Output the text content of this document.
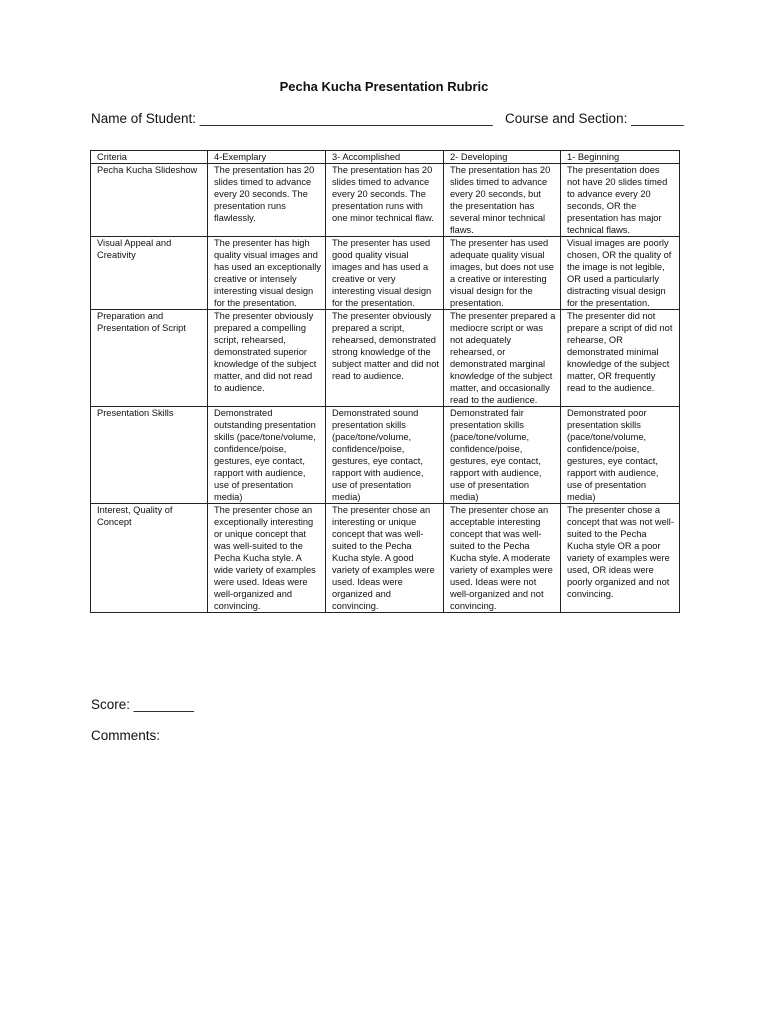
Pecha Kucha Presentation Rubric
Name of Student: _______________________________________ Course and Section: _______
Criteria	4-Exemplary	3- Accomplished	2- Developing	1- Beginning
Pecha Kucha Slideshow	The presentation has 20 slides timed to advance every 20 seconds. The presentation runs flawlessly.	The presentation has 20 slides timed to advance every 20 seconds. The presentation runs with one minor technical flaw.	The presentation has 20 slides timed to advance every 20 seconds, but the presentation has several minor technical flaws.	The presentation does not have 20 slides timed to advance every 20 seconds, OR the presentation has major technical flaws.
Visual Appeal and Creativity	The presenter has high quality visual images and has used an exceptionally creative or intensely interesting visual design for the presentation.	The presenter has used good quality visual images and has used a creative or very interesting visual design for the presentation.	The presenter has used adequate quality visual images, but does not use a creative or interesting visual design for the presentation.	Visual images are poorly chosen, OR the quality of the image is not legible, OR used a particularly distracting visual design for the presentation.
Preparation and Presentation of Script	The presenter obviously prepared a compelling script, rehearsed, demonstrated superior knowledge of the subject matter, and did not read to audience.	The presenter obviously prepared a script, rehearsed, demonstrated strong knowledge of the subject matter and did not read to audience.	The presenter prepared a mediocre script or was not adequately rehearsed, or demonstrated marginal knowledge of the subject matter, and occasionally read to the audience.	The presenter did not prepare a script of did not rehearse, OR demonstrated minimal knowledge of the subject matter, OR frequently read to the audience.
Presentation Skills	Demonstrated outstanding presentation skills (pace/tone/volume, confidence/poise, gestures, eye contact, rapport with audience, use of presentation media)	Demonstrated sound presentation skills (pace/tone/volume, confidence/poise, gestures, eye contact, rapport with audience, use of presentation media)	Demonstrated fair presentation skills (pace/tone/volume, confidence/poise, gestures, eye contact, rapport with audience, use of presentation media)	Demonstrated poor presentation skills (pace/tone/volume, confidence/poise, gestures, eye contact, rapport with audience, use of presentation media)
Interest, Quality of Concept	The presenter chose an exceptionally interesting or unique concept that was well-suited to the Pecha Kucha style. A wide variety of examples were used. Ideas were well-organized and convincing.	The presenter chose an interesting or unique concept that was well-suited to the Pecha Kucha style. A good variety of examples were used. Ideas were organized and convincing.	The presenter chose an acceptable interesting concept that was well-suited to the Pecha Kucha style. A moderate variety of examples were used. Ideas were not well-organized and not convincing.	The presenter chose a concept that was not well-suited to the Pecha Kucha style OR a poor variety of examples were used, OR ideas were poorly organized and not convincing.
Score: ________
Comments:
